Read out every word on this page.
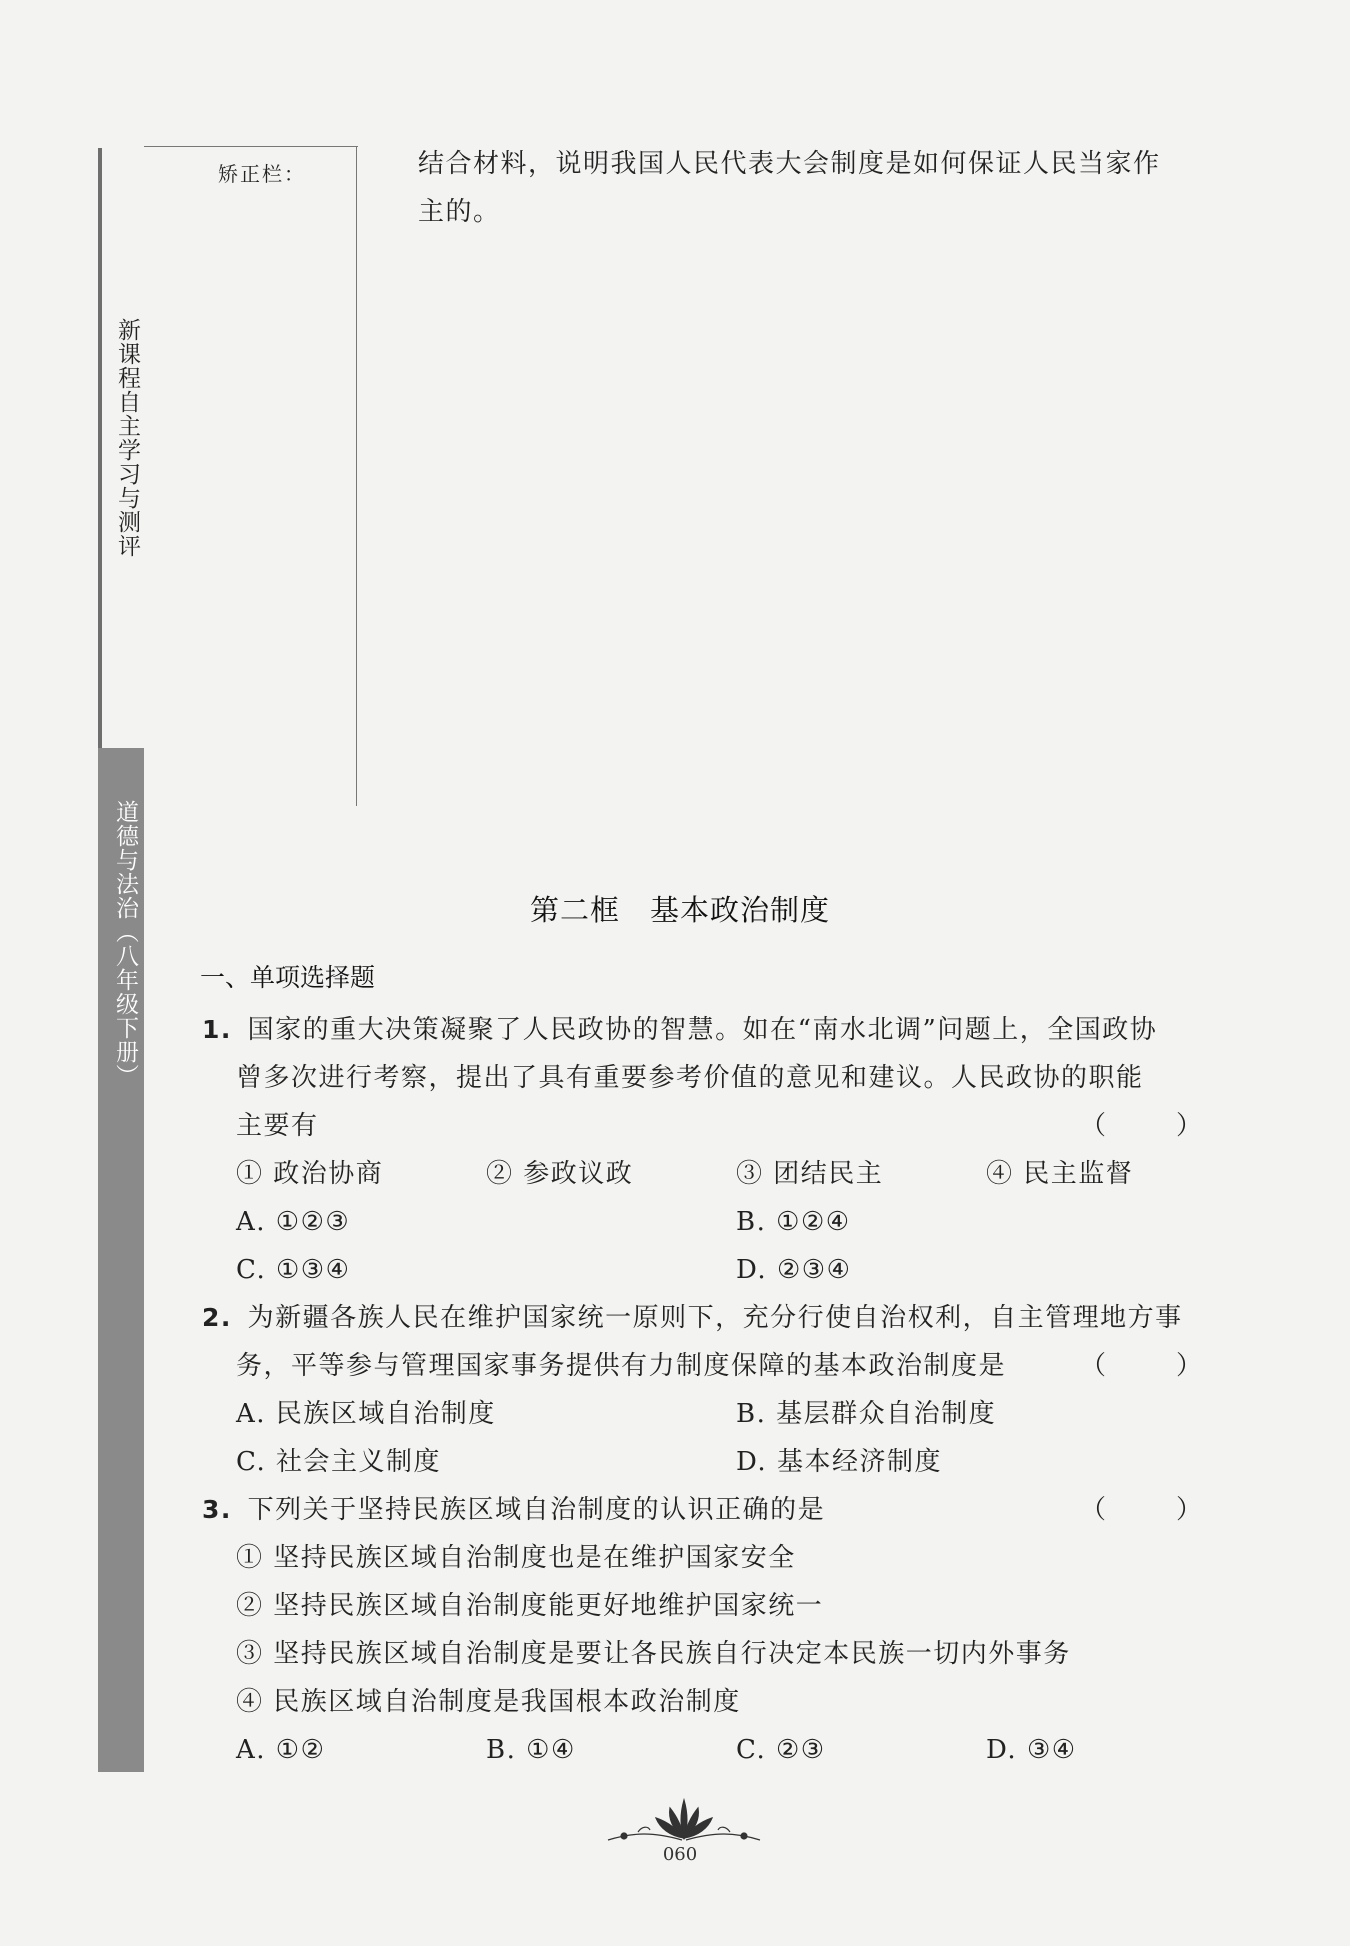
新课程自主学习与测评
道德与法治（八年级下册）
矫正栏：	结合材料，说明我国人民代表大会制度是如何保证人民当家作
主的。
第二框　基本政治制度
一、单项选择题
1. 国家的重大决策凝聚了人民政协的智慧。如在“南水北调”问题上，全国政协
曾多次进行考察，提出了具有重要参考价值的意见和建议。人民政协的职能
主要有	（　）
① 政治协商	② 参政议政	③ 团结民主	④ 民主监督
A. ①②③	B. ①②④
C. ①③④	D. ②③④
2. 为新疆各族人民在维护国家统一原则下，充分行使自治权利，自主管理地方事
务，平等参与管理国家事务提供有力制度保障的基本政治制度是	（　）
A. 民族区域自治制度	B. 基层群众自治制度
C. 社会主义制度	D. 基本经济制度
3. 下列关于坚持民族区域自治制度的认识正确的是	（　）
① 坚持民族区域自治制度也是在维护国家安全
② 坚持民族区域自治制度能更好地维护国家统一
③ 坚持民族区域自治制度是要让各民族自行决定本民族一切内外事务
④ 民族区域自治制度是我国根本政治制度
A. ①②	B. ①④	C. ②③	D. ③④
060
